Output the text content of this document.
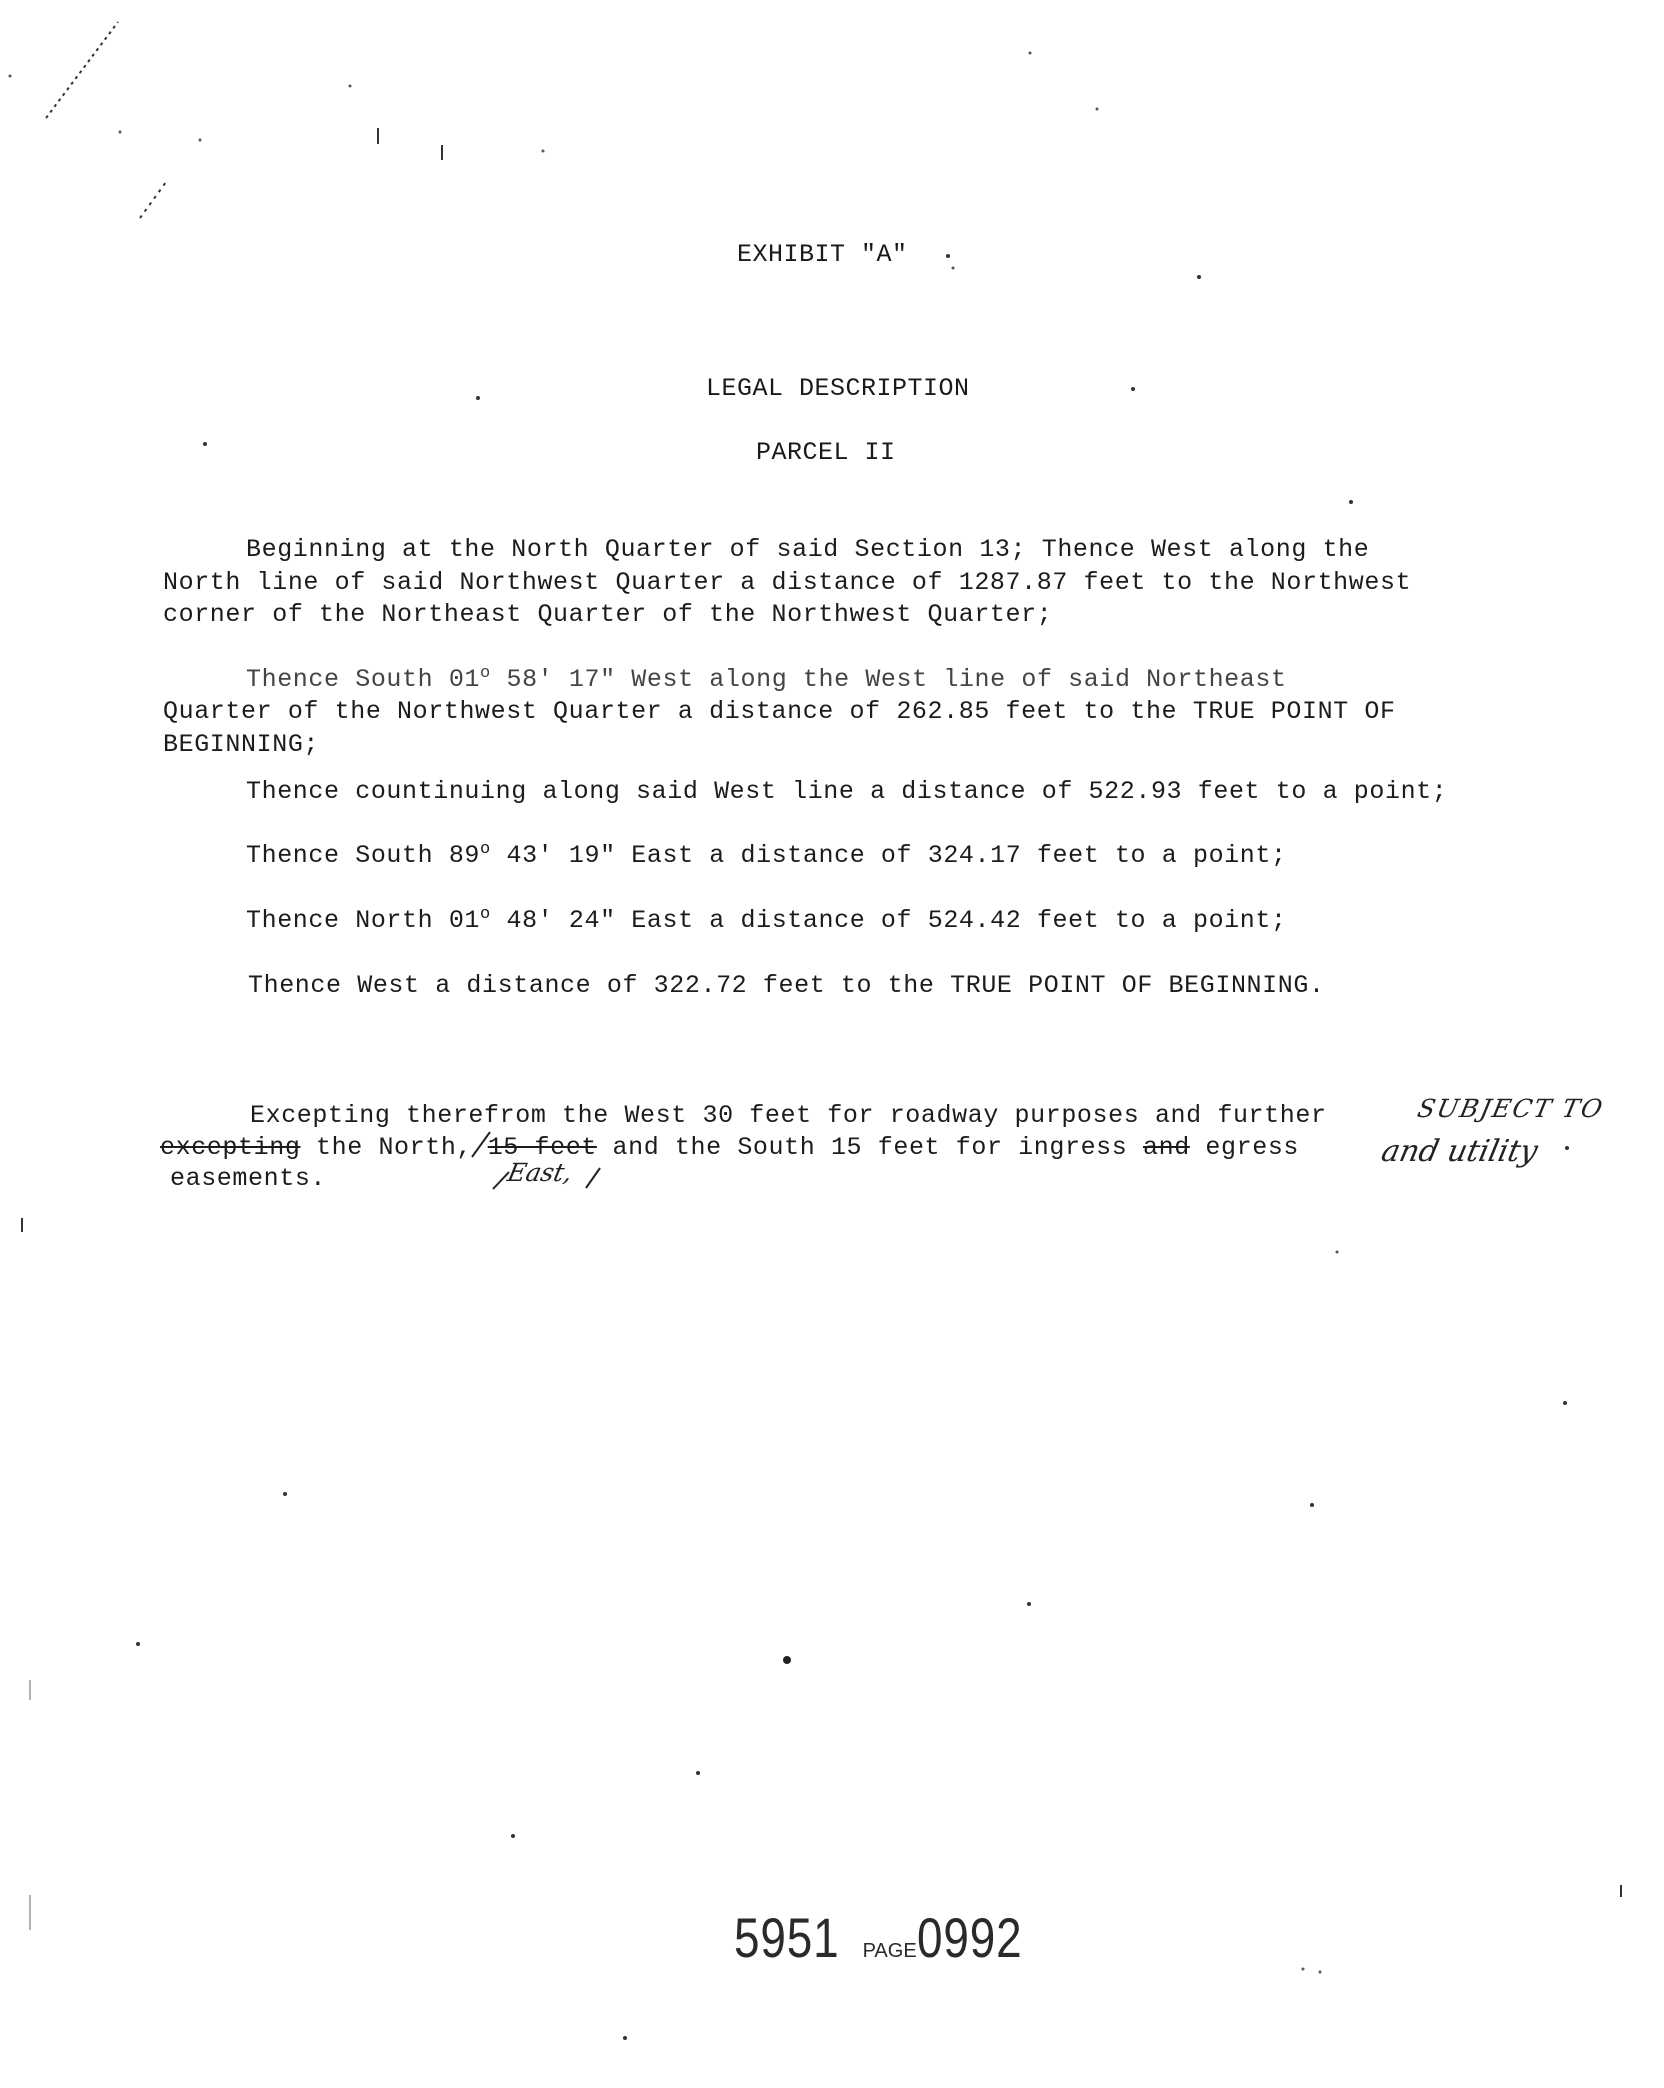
EXHIBIT "A"
LEGAL DESCRIPTION
PARCEL II
Beginning at the North Quarter of said Section 13; Thence West along the
North line of said Northwest Quarter a distance of 1287.87 feet to the Northwest
corner of the Northeast Quarter of the Northwest Quarter;
Thence South 01$^o$ 58' 17" West along the West line of said Northeast
Quarter of the Northwest Quarter a distance of 262.85 feet to the TRUE POINT OF
BEGINNING;
Thence countinuing along said West line a distance of 522.93 feet to a point;
Thence South 89$^o$ 43' 19" East a distance of 324.17 feet to a point;
Thence North 01$^o$ 48' 24" East a distance of 524.42 feet to a point;
Thence West a distance of 322.72 feet to the TRUE POINT OF BEGINNING.
Excepting therefrom the West 30 feet for roadway purposes and further
excepting the North, 15 feet and the South 15 feet for ingress and egress
easements.
SUBJECT TO
East,
and utility
5951 PAGE0992
